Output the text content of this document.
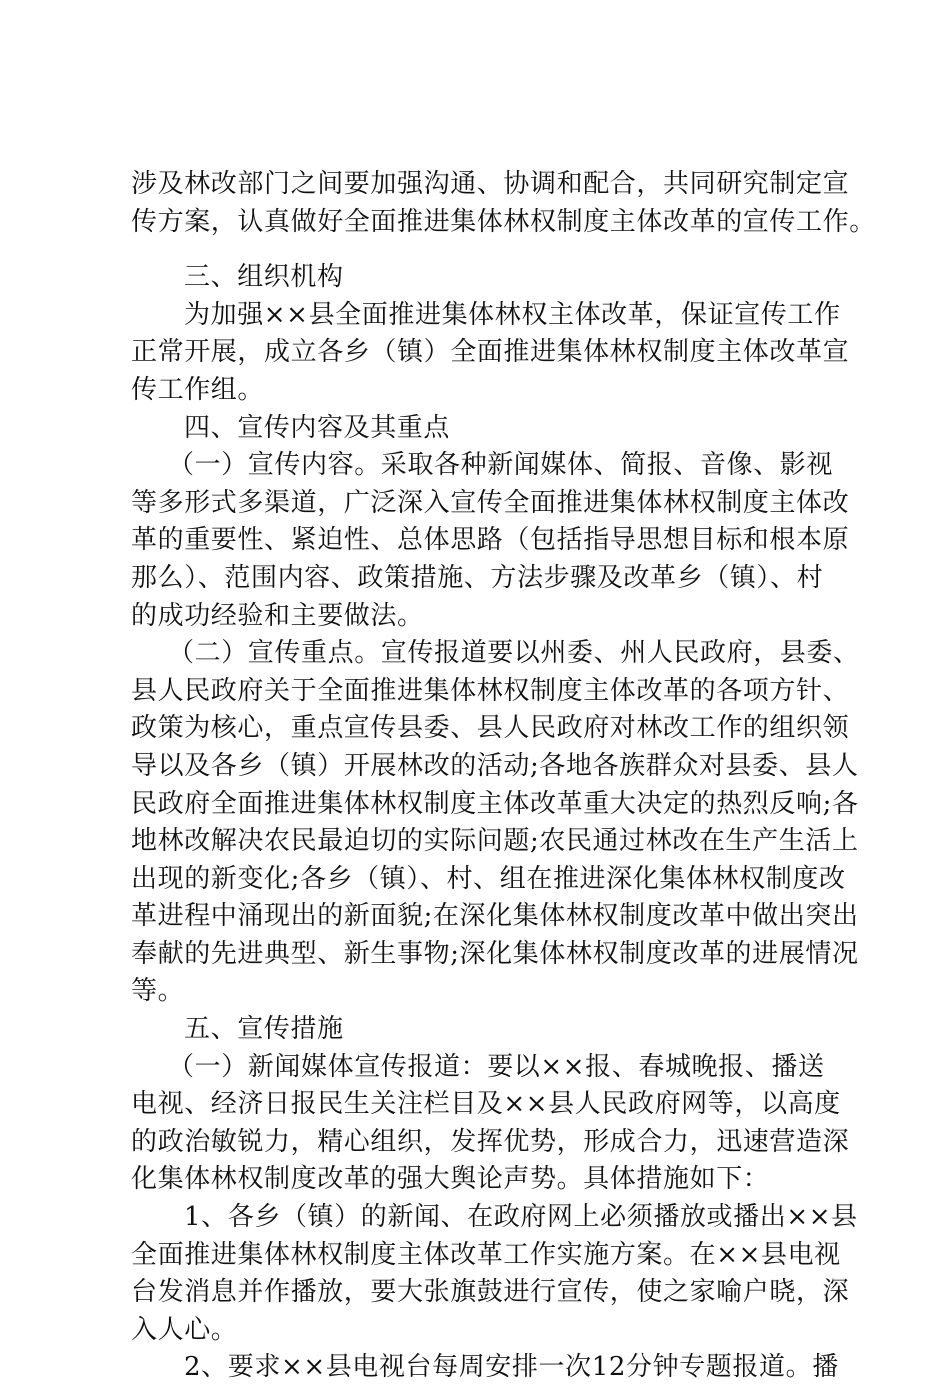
涉及林改部门之间要加强沟通、协调和配合，共同研究制定宣
传方案，认真做好全面推进集体林权制度主体改革的宣传工作。
三、组织机构
为加强××县全面推进集体林权主体改革，保证宣传工作
正常开展，成立各乡（镇）全面推进集体林权制度主体改革宣
传工作组。
四、宣传内容及其重点
（一）宣传内容。采取各种新闻媒体、简报、音像、影视
等多形式多渠道，广泛深入宣传全面推进集体林权制度主体改
革的重要性、紧迫性、总体思路（包括指导思想目标和根本原
那么）、范围内容、政策措施、方法步骤及改革乡（镇）、村
的成功经验和主要做法。
（二）宣传重点。宣传报道要以州委、州人民政府，县委、
县人民政府关于全面推进集体林权制度主体改革的各项方针、
政策为核心，重点宣传县委、县人民政府对林改工作的组织领
导以及各乡（镇）开展林改的活动;各地各族群众对县委、县人
民政府全面推进集体林权制度主体改革重大决定的热烈反响;各
地林改解决农民最迫切的实际问题;农民通过林改在生产生活上
出现的新变化;各乡（镇）、村、组在推进深化集体林权制度改
革进程中涌现出的新面貌;在深化集体林权制度改革中做出突出
奉献的先进典型、新生事物;深化集体林权制度改革的进展情况
等。
五、宣传措施
（一）新闻媒体宣传报道：要以××报、春城晚报、播送
电视、经济日报民生关注栏目及××县人民政府网等，以高度
的政治敏锐力，精心组织，发挥优势，形成合力，迅速营造深
化集体林权制度改革的强大舆论声势。具体措施如下：
1、各乡（镇）的新闻、在政府网上必须播放或播出××县
全面推进集体林权制度主体改革工作实施方案。在××县电视
台发消息并作播放，要大张旗鼓进行宣传，使之家喻户晓，深
入人心。
2、要求××县电视台每周安排一次12分钟专题报道。播
